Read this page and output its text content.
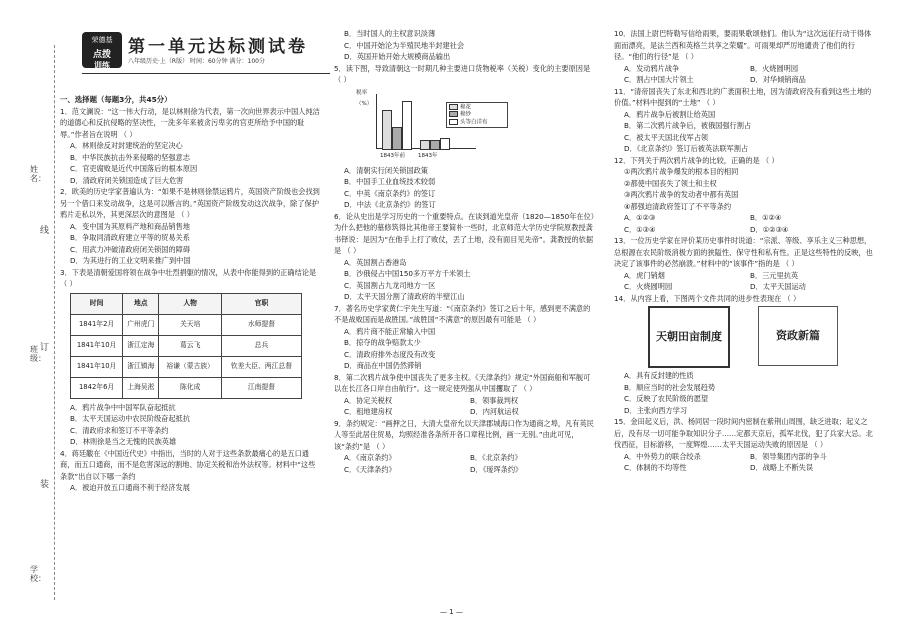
姓名：
线
班级：
订
装
学校：
荣德基
点拨
训练
第一单元达标测试卷
八年级历史·上（R版） 时间：60分钟 满分：100分

一、选择题（每题3分，共45分）

1．范文澜说：“这一伟大行动，是以林则徐为代表，第一次向世界表示中国人纯洁的道德心和反抗侵略的坚决性，一洗多年来被贪污卑劣的官吏所给予中国的耻辱。”作者旨在说明 （ ）

A．林则徐反对封建统治的坚定决心

B．中华民族抗击外来侵略的坚强意志

C．官吏腐败是近代中国落后的根本原因

D．清政府闭关锁国造成了巨大危害

2．欧美的历史学家普遍认为：“如果不是林则徐禁运鸦片，英国资产阶级也会找到另一个借口来发动战争，这是可以断言的。”英国资产阶级发动这次战争，除了保护鸦片走私以外，其更深层次的意图是 （ ）

A．变中国为其原料产地和商品销售地

B．争取同清政府建立平等的贸易关系

C．用武力冲破清政府闭关锁国的障碍

D．为其进行的工业文明来推广到中国

3．下表是清朝爱国将领在战争中壮烈捐躯的情况，从表中你能得到的正确结论是 （ ）

时间	地点	人物	官职
1841年2月	广州虎门	关天培	水师提督
1841年10月	浙江定海	葛云飞	总兵
1841年10月	浙江镇海	裕谦（蒙古族）	钦差大臣、两江总督
1842年6月	上海吴淞	陈化成	江南提督

A．鸦片战争中中国军队奋起抵抗

B．太平天国运动中农民阶级奋起抵抗

C．清政府求和签订不平等条约

D．林则徐是当之无愧的民族英雄

4．蒋廷黻在《中国近代史》中指出，当时的人对于这些条款最痛心的是五口通商，而五口通商，而不是危害深远的割地、协定关税和治外法权等。材料中“这些条款”出自以下哪一条约

A．被迫开放五口通商不利于经济发展

B．当时国人的主权意识淡薄

C．中国开始沦为半殖民地半封建社会

D．英国开始开始大规模商品输出

5．读下图，导致清朝这一时期几种主要进口货物税率（关税）变化的主要原因是 （ ）

税率（%）	棉花
棉纱
头等白洋布
1843年前 1843年

A．清朝实行闭关锁国政策

B．中国手工业血统技术较弱

C．中英《南京条约》的签订

D．中法《北京条约》的签订

6．论从史出是学习历史的一个重要特点。在谈到道光皇帝（1820—1850年在位）为什么把他的墓修筑得比其他帝王要简朴一些时，北京师范大学历史学院原教授龚书铎说：是因为“在他手上打了败仗，丢了土地，没有面目见先帝”。龚教授的依据是 （ ）

A．英国割占香港岛

B．沙俄侵占中国150多万平方千米领土

C．英国割占九龙司地方一区

D．太平天国分割了清政府的半壁江山

7．著名历史学家黄仁宇先生写道：“《南京条约》签订之后十年，感到更不满意的不是战败国而是战胜国。”战胜国“不满意”的原因最有可能是 （ ）

A．鸦片商不能正常输入中国

B．掠夺的战争赔款太少

C．清政府排外态度没有改变

D．商品在中国仍然滞销

8．第二次鸦片战争使中国丧失了更多主权。《天津条约》规定“外国商船和军舰可以在长江各口岸自由航行”。这一规定使列强从中国攫取了 （ ）

A．协定关税权	B．领事裁判权
C．租地建房权	D．内河航运权

9．条约规定：“画押之日，大清大皇帝允以天津郡城海口作为通商之埠，凡有英民人等至此居住贸易，均照经准各条所开各口章程比例，画一无别。”由此可见，该“条约”是 （ ）

A．《南京条约》	B．《北京条约》
C．《天津条约》	D．《瑷珲条约》

10．法国上尉巴特勒写信给雨果，要雨果歌颂他们。他认为“这次远征行动干得体面而漂亮，是法兰西和英格兰共享之荣耀”。可雨果却严厉地谴责了他们的行径。“他们的行径”是 （ ）

A．发动鸦片战争	B．火烧圆明园
C．割占中国大片领土	D．对华倾销商品

11．“清帝国丧失了东北和西北的广袤面积土地，因为清政府没有看到这些土地的价值。”材料中提到的“土地” （ ）

A．鸦片战争后被割让给英国

B．第二次鸦片战争后，被俄国强行割占

C．被太平天国北伐军占领

D．《北京条约》签订后被英法联军割占

12．下列关于两次鸦片战争的比较，正确的是 （ ）

①两次鸦片战争爆发的根本目的相同

②都使中国丧失了领土和主权

③两次鸦片战争的发动者中都有英国

④都强迫清政府签订了不平等条约

A．①②③	B．①②④
C．①③④	D．①②③④

13．一位历史学家在评价某历史事件时说道：“宗派、等级、享乐主义三种思想，总根源在农民阶级消极方面的狭隘性、保守性和私有性。正是这些特性的反映，也决定了该事件的必然崩溃。”材料中的“该事件”指的是 （ ）

A．虎门销烟	B．三元里抗英
C．火烧圆明园	D．太平天国运动

14．从内容上看，下图两个文件共同的进步性表现在 （ ）

天朝田亩制度	资政新篇

A．具有反封建的性质

B．顺应当时的社会发展趋势

C．反映了农民阶级的愿望

D．主张向西方学习

15．金田起义后，洪、杨同居一段时间内密制在紫荆山周围，缺乏进取；起义之后，没有尽一切可能争取知识分子……定都天京后，孤军北伐，犯了兵家大忌。北伐西征，目标游移，一度辉煌……太平天国运动失败的原因是 （ ）

A．中外势力的联合绞杀	B．领导集团内部的争斗
C．体制的不均等性	D．战略上不断失误
— 1 —
